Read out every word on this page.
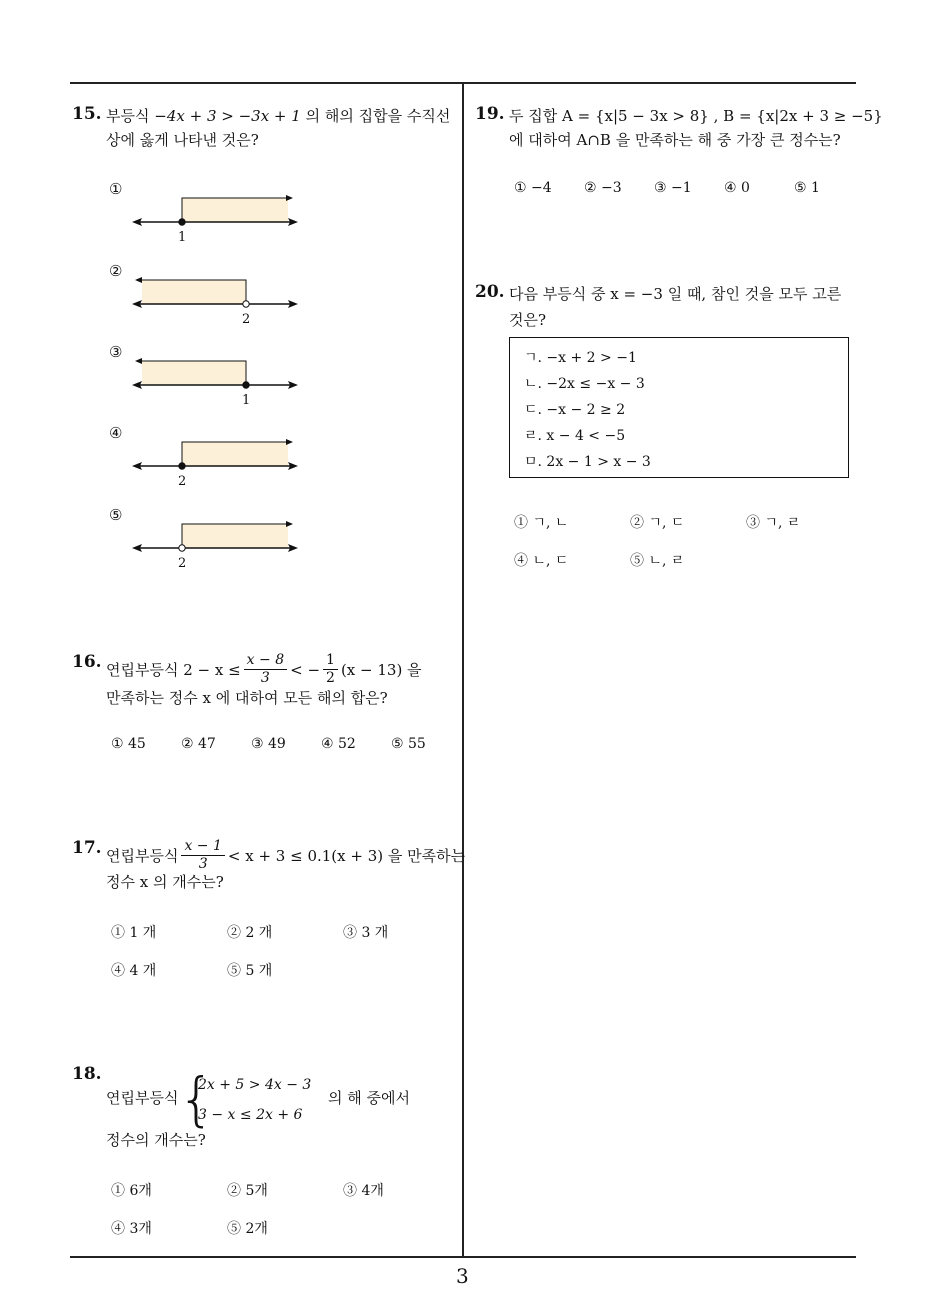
3
15. 부등식 −4x + 3 > −3x + 1 의 해의 집합을 수직선
상에 옳게 나타낸 것은?
①
1
②
2
③
1
④
2
⑤
2
16. 연립부등식 $2 - x \le \frac{x - 8}{3}$ < − $\frac{1}{2} (x - 13)$ 을
만족하는 정수 x 에 대하여 모든 해의 합은?
① 45	② 47	③ 49	④ 52	⑤ 55
17. 연립부등식 $\frac{x - 1}{3} < x + 3 \le 0.1(x + 3)$ 을 만족하는
정수 x 의 개수는?
① 1 개	② 2 개	③ 3 개
④ 4 개	⑤ 5 개
18.
연립부등식 {
2x + 5 > 4x − 3
3 − x ≤ 2x + 6
의 해 중에서
정수의 개수는?
① 6개	② 5개	③ 4개
④ 3개	⑤ 2개
19. 두 집합 A = {x|5 − 3x > 8} , B = {x|2x + 3 ≥ −5}
에 대하여 A∩B 을 만족하는 해 중 가장 큰 정수는?
① −4 ② −3 ③ −1 ④ 0	⑤ 1
20. 다음 부등식 중 x = −3 일 때, 참인 것을 모두 고른
것은?
ㄱ. −x + 2 > −1
ㄴ. −2x ≤ −x − 3
ㄷ. −x − 2 ≥ 2
ㄹ. x − 4 < −5
ㅁ. 2x − 1 > x − 3
① ㄱ, ㄴ	② ㄱ, ㄷ	③ ㄱ, ㄹ
④ ㄴ, ㄷ	⑤ ㄴ, ㄹ
